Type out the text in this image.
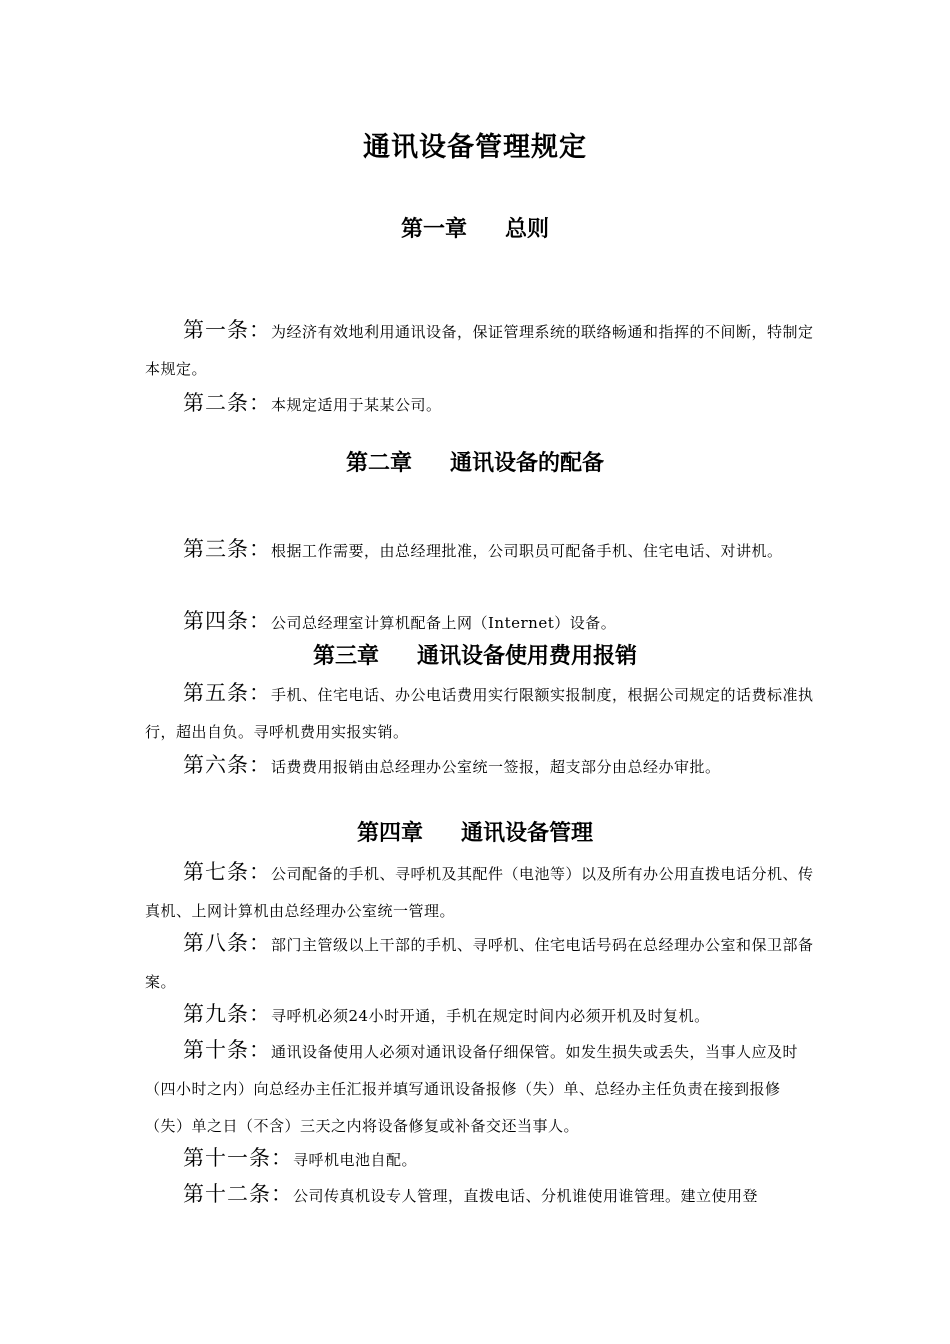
通讯设备管理规定
第一章 总则

第一条：为经济有效地利用通讯设备，保证管理系统的联络畅通和指挥的不间断，特制定本规定。

第二条：本规定适用于某某公司。

第二章 通讯设备的配备

第三条：根据工作需要，由总经理批准，公司职员可配备手机、住宅电话、对讲机。

第四条：公司总经理室计算机配备上网（Internet）设备。

第三章 通讯设备使用费用报销

第五条：手机、住宅电话、办公电话费用实行限额实报制度，根据公司规定的话费标准执行，超出自负。寻呼机费用实报实销。

第六条：话费费用报销由总经理办公室统一签报，超支部分由总经办审批。

第四章 通讯设备管理

第七条：公司配备的手机、寻呼机及其配件（电池等）以及所有办公用直拨电话分机、传真机、上网计算机由总经理办公室统一管理。

第八条：部门主管级以上干部的手机、寻呼机、住宅电话号码在总经理办公室和保卫部备案。

第九条：寻呼机必须24小时开通，手机在规定时间内必须开机及时复机。

第十条：通讯设备使用人必须对通讯设备仔细保管。如发生损失或丢失，当事人应及时（四小时之内）向总经办主任汇报并填写通讯设备报修（失）单、总经办主任负责在接到报修（失）单之日（不含）三天之内将设备修复或补备交还当事人。

第十一条：寻呼机电池自配。

第十二条：公司传真机设专人管理，直拨电话、分机谁使用谁管理。建立使用登
